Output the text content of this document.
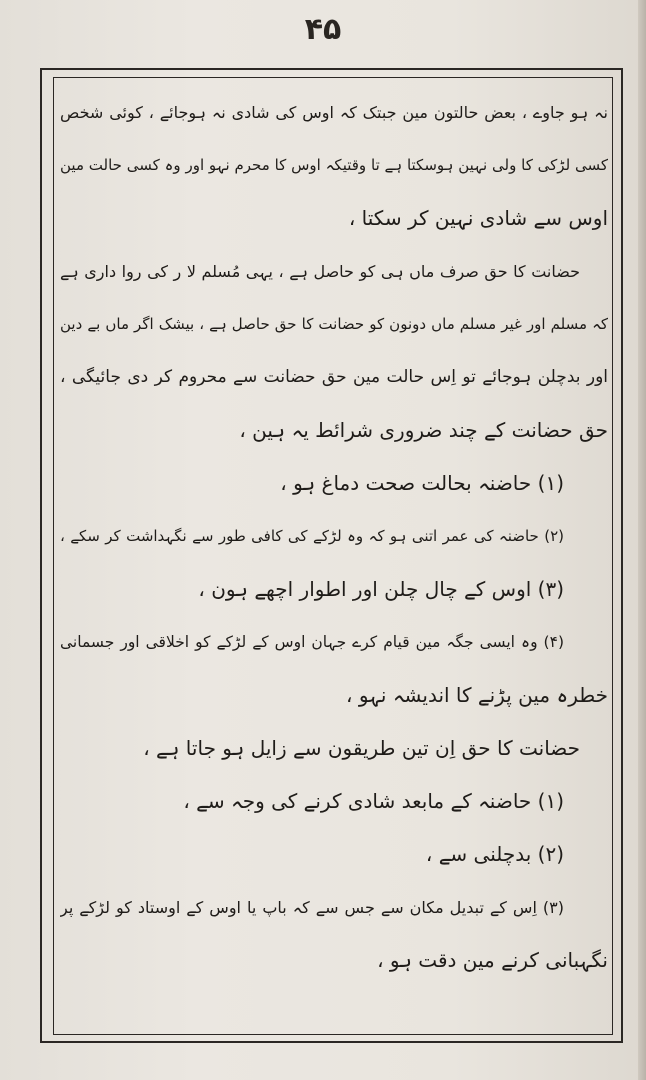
۴۵
نہ ہو جاوے ، بعض حالتون مین جبتک کہ اوس کی شادی نہ ہوجائے ، کوئی شخص
کسی لڑکی کا ولی نہین ہوسکتا ہے تا وقتیکہ اوس کا محرم نہو اور وہ کسی حالت مین
اوس سے شادی نہین کر سکتا ،
حضانت کا حق صرف ماں ہی کو حاصل ہے ، یہی مُسلم لا ر کی روا داری ہے
کہ مسلم اور غیر مسلم ماں دونون کو حضانت کا حق حاصل ہے ، بیشک اگر ماں بے دین
اور بدچلن ہوجائے تو اِس حالت مین حق حضانت سے محروم کر دی جائیگی ،
حق حضانت کے چند ضروری شرائط یہ ہین ،
(۱) حاضنہ بحالت صحت دماغ ہو ،
(۲) حاضنہ کی عمر اتنی ہو کہ وہ لڑکے کی کافی طور سے نگہداشت کر سکے ،
(۳) اوس کے چال چلن اور اطوار اچھے ہون ،
(۴) وہ ایسی جگہ مین قیام کرے جہان اوس کے لڑکے کو اخلاقی اور جسمانی
خطرہ مین پڑنے کا اندیشہ نہو ،
حضانت کا حق اِن تین طریقون سے زایل ہو جاتا ہے ،
(۱) حاضنہ کے مابعد شادی کرنے کی وجہ سے ،
(۲) بدچلنی سے ،
(۳) اِس کے تبدیل مکان سے جس سے کہ باپ یا اوس کے اوستاد کو لڑکے پر
نگہبانی کرنے مین دقت ہو ،
